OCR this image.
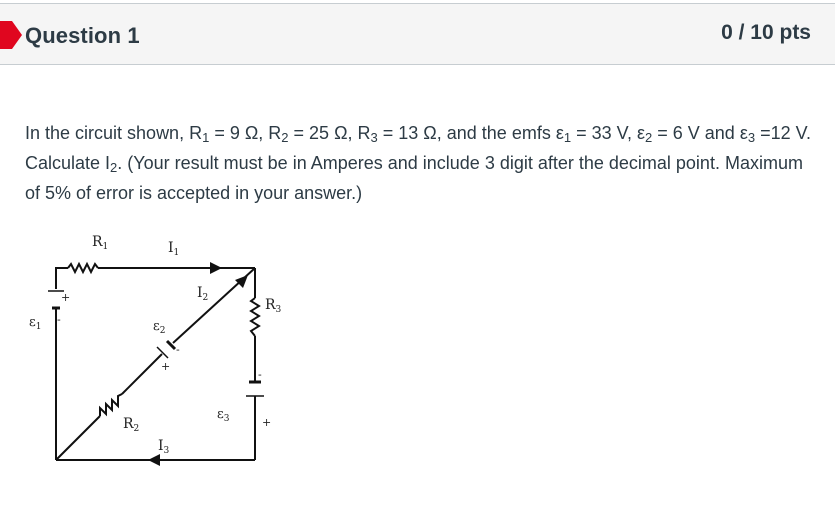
Question 1	0 / 10 pts
In the circuit shown, $R_1 = 9$ Ω, $R_2 = 25$ Ω, $R_3 = 13$ Ω, and the emfs $\varepsilon_1 = 33$ V, $\varepsilon_2 = 6$ V and $\varepsilon_3 =12$ V. Calculate $I_2$. (Your result must be in Amperes and include 3 digit after the decimal point. Maximum of 5% of error is accepted in your answer.)
$R_1$	$I_1$
$I_2$	$R_3$
$\varepsilon_1$	$\varepsilon_2$
$R_2$
$\varepsilon_3$
$I_3$
+
-
+
-
-
+
